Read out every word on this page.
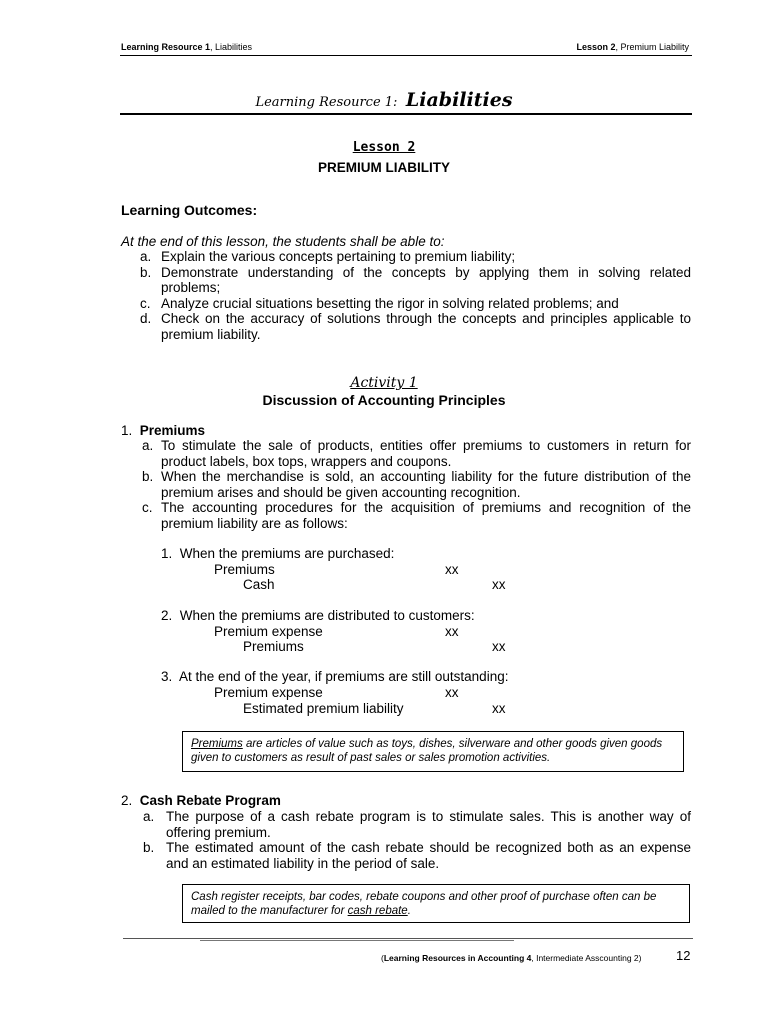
Learning Resource 1, Liabilities	Lesson 2, Premium Liability
Learning Resource 1: Liabilities
Lesson 2
PREMIUM LIABILITY
Learning Outcomes:
At the end of this lesson, the students shall be able to:
a. Explain the various concepts pertaining to premium liability;
b. Demonstrate understanding of the concepts by applying them in solving related problems;
c. Analyze crucial situations besetting the rigor in solving related problems; and
d. Check on the accuracy of solutions through the concepts and principles applicable to premium liability.
Activity 1
Discussion of Accounting Principles
1. Premiums
a. To stimulate the sale of products, entities offer premiums to customers in return for product labels, box tops, wrappers and coupons.
b. When the merchandise is sold, an accounting liability for the future distribution of the premium arises and should be given accounting recognition.
c. The accounting procedures for the acquisition of premiums and recognition of the premium liability are as follows:
1. When the premiums are purchased:
Premiums	xx
Cash	xx
2. When the premiums are distributed to customers:
Premium expense	xx
Premiums	xx
3. At the end of the year, if premiums are still outstanding:
Premium expense	xx
Estimated premium liability	xx
Premiums are articles of value such as toys, dishes, silverware and other goods given goods given to customers as result of past sales or sales promotion activities.
2. Cash Rebate Program
a. The purpose of a cash rebate program is to stimulate sales. This is another way of offering premium.
b. The estimated amount of the cash rebate should be recognized both as an expense and an estimated liability in the period of sale.
Cash register receipts, bar codes, rebate coupons and other proof of purchase often can be mailed to the manufacturer for cash rebate.
(Learning Resources in Accounting 4, Intermediate Asscounting 2)	12
